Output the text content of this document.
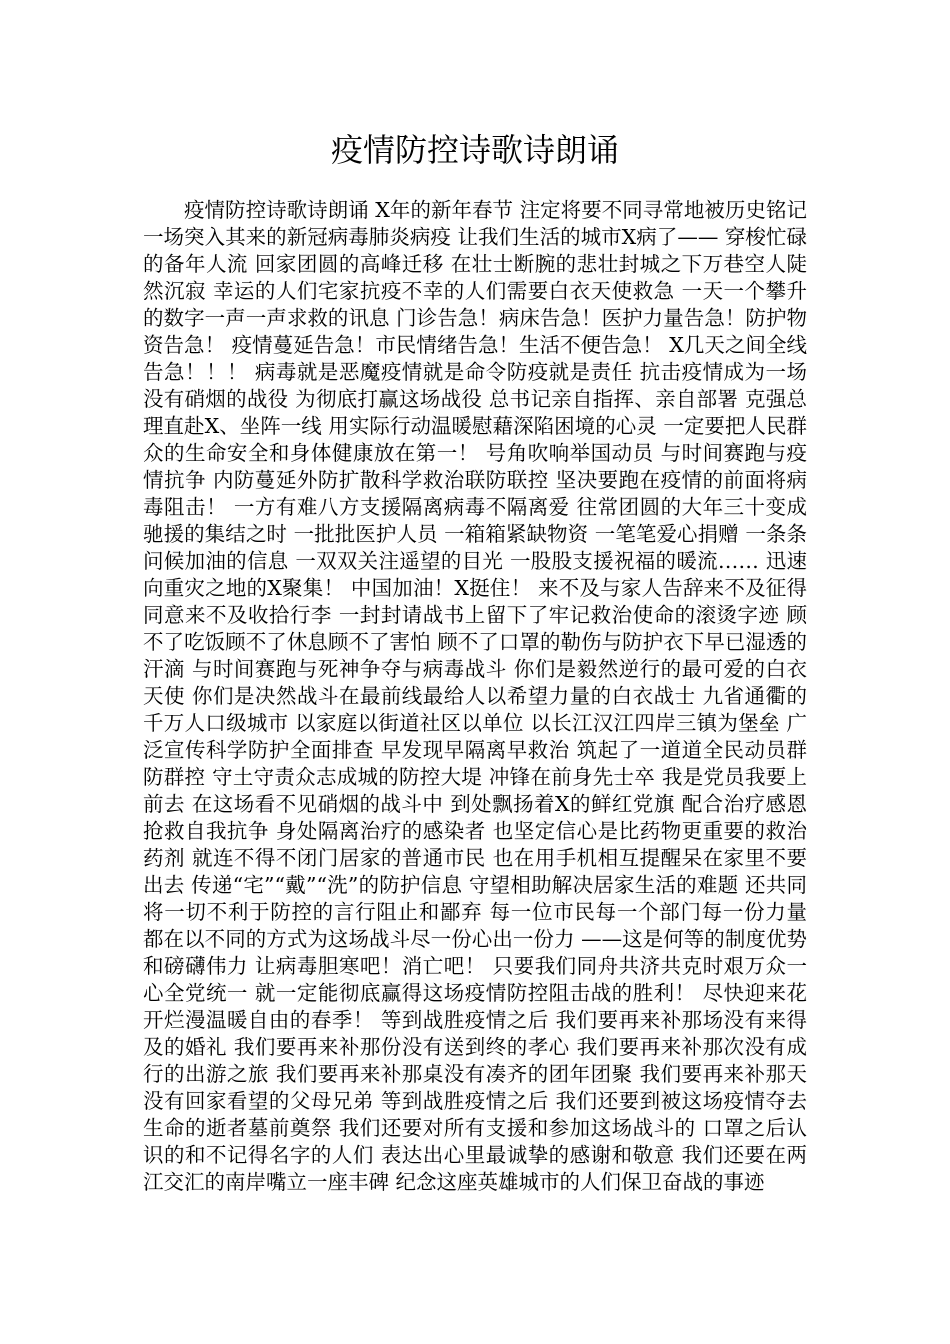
疫情防控诗歌诗朗诵

疫情防控诗歌诗朗诵 X年的新年春节 注定将要不同寻常地被历史铭记 一场突入其来的新冠病毒肺炎病疫 让我们生活的城市X病了—— 穿梭忙碌的备年人流 回家团圆的高峰迁移 在壮士断腕的悲壮封城之下万巷空人陡然沉寂 幸运的人们宅家抗疫不幸的人们需要白衣天使救急 一天一个攀升的数字一声一声求救的讯息 门诊告急！病床告急！医护力量告急！防护物资告急！ 疫情蔓延告急！市民情绪告急！生活不便告急！ X几天之间全线告急！！！ 病毒就是恶魔疫情就是命令防疫就是责任 抗击疫情成为一场没有硝烟的战役 为彻底打赢这场战役 总书记亲自指挥、亲自部署 克强总理直赴X、坐阵一线 用实际行动温暖慰藉深陷困境的心灵 一定要把人民群众的生命安全和身体健康放在第一！ 号角吹响举国动员 与时间赛跑与疫情抗争 内防蔓延外防扩散科学救治联防联控 坚决要跑在疫情的前面将病毒阻击！ 一方有难八方支援隔离病毒不隔离爱 往常团圆的大年三十变成驰援的集结之时 一批批医护人员 一箱箱紧缺物资 一笔笔爱心捐赠 一条条问候加油的信息 一双双关注遥望的目光 一股股支援祝福的暖流…… 迅速向重灾之地的X聚集！ 中国加油！X挺住！ 来不及与家人告辞来不及征得同意来不及收拾行李 一封封请战书上留下了牢记救治使命的滚烫字迹 顾不了吃饭顾不了休息顾不了害怕 顾不了口罩的勒伤与防护衣下早已湿透的汗滴 与时间赛跑与死神争夺与病毒战斗 你们是毅然逆行的最可爱的白衣天使 你们是决然战斗在最前线最给人以希望力量的白衣战士 九省通衢的千万人口级城市 以家庭以街道社区以单位 以长江汉江四岸三镇为堡垒 广泛宣传科学防护全面排查 早发现早隔离早救治 筑起了一道道全民动员群防群控 守土守责众志成城的防控大堤 冲锋在前身先士卒 我是党员我要上前去 在这场看不见硝烟的战斗中 到处飘扬着X的鲜红党旗 配合治疗感恩抢救自我抗争 身处隔离治疗的感染者 也坚定信心是比药物更重要的救治药剂 就连不得不闭门居家的普通市民 也在用手机相互提醒呆在家里不要出去 传递“宅”“戴”“洗”的防护信息 守望相助解决居家生活的难题 还共同将一切不利于防控的言行阻止和鄙弃 每一位市民每一个部门每一份力量 都在以不同的方式为这场战斗尽一份心出一份力 ——这是何等的制度优势和磅礴伟力 让病毒胆寒吧！消亡吧！ 只要我们同舟共济共克时艰万众一心全党统一 就一定能彻底赢得这场疫情防控阻击战的胜利！ 尽快迎来花开烂漫温暖自由的春季！ 等到战胜疫情之后 我们要再来补那场没有来得及的婚礼 我们要再来补那份没有送到终的孝心 我们要再来补那次没有成行的出游之旅 我们要再来补那桌没有凑齐的团年团聚 我们要再来补那天没有回家看望的父母兄弟 等到战胜疫情之后 我们还要到被这场疫情夺去生命的逝者墓前奠祭 我们还要对所有支援和参加这场战斗的 口罩之后认识的和不记得名字的人们 表达出心里最诚挚的感谢和敬意 我们还要在两江交汇的南岸嘴立一座丰碑 纪念这座英雄城市的人们保卫奋战的事迹
